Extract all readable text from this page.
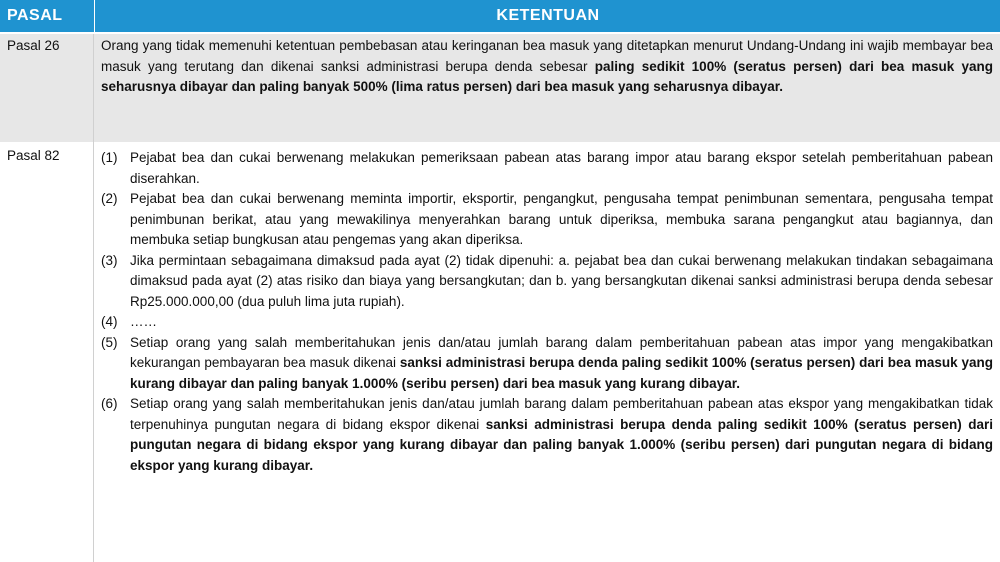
PASAL	KETENTUAN
Pasal 26	Orang yang tidak memenuhi ketentuan pembebasan atau keringanan bea masuk yang ditetapkan menurut Undang-Undang ini wajib membayar bea masuk yang terutang dan dikenai sanksi administrasi berupa denda sebesar paling sedikit 100% (seratus persen) dari bea masuk yang seharusnya dibayar dan paling banyak 500% (lima ratus persen) dari bea masuk yang seharusnya dibayar.
Pasal 82	(1) Pejabat bea dan cukai berwenang melakukan pemeriksaan pabean atas barang impor atau barang ekspor setelah pemberitahuan pabean diserahkan.
(2) Pejabat bea dan cukai berwenang meminta importir, eksportir, pengangkut, pengusaha tempat penimbunan sementara, pengusaha tempat penimbunan berikat, atau yang mewakilinya menyerahkan barang untuk diperiksa, membuka sarana pengangkut atau bagiannya, dan membuka setiap bungkusan atau pengemas yang akan diperiksa.
(3) Jika permintaan sebagaimana dimaksud pada ayat (2) tidak dipenuhi: a. pejabat bea dan cukai berwenang melakukan tindakan sebagaimana dimaksud pada ayat (2) atas risiko dan biaya yang bersangkutan; dan b. yang bersangkutan dikenai sanksi administrasi berupa denda sebesar Rp25.000.000,00 (dua puluh lima juta rupiah).
(4) ……
(5) Setiap orang yang salah memberitahukan jenis dan/atau jumlah barang dalam pemberitahuan pabean atas impor yang mengakibatkan kekurangan pembayaran bea masuk dikenai sanksi administrasi berupa denda paling sedikit 100% (seratus persen) dari bea masuk yang kurang dibayar dan paling banyak 1.000% (seribu persen) dari bea masuk yang kurang dibayar.
(6) Setiap orang yang salah memberitahukan jenis dan/atau jumlah barang dalam pemberitahuan pabean atas ekspor yang mengakibatkan tidak terpenuhinya pungutan negara di bidang ekspor dikenai sanksi administrasi berupa denda paling sedikit 100% (seratus persen) dari pungutan negara di bidang ekspor yang kurang dibayar dan paling banyak 1.000% (seribu persen) dari pungutan negara di bidang ekspor yang kurang dibayar.
